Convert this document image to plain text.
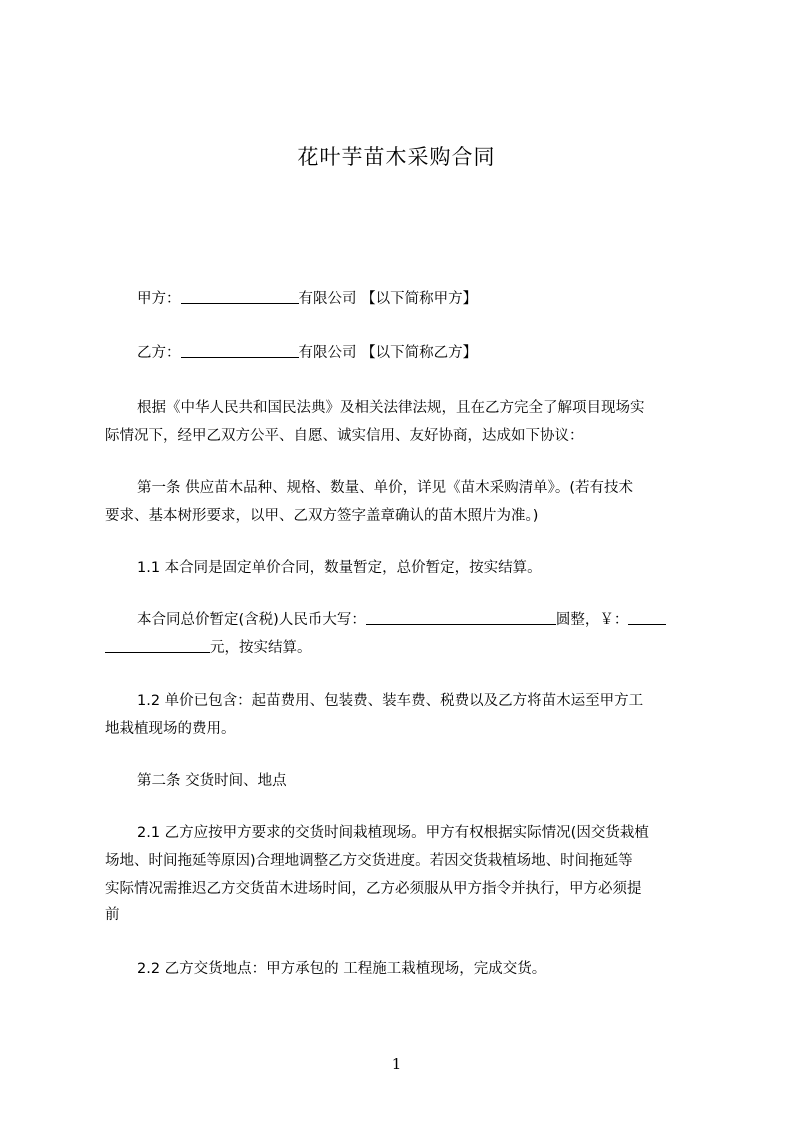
花叶芋苗木采购合同
甲方：	有限公司 【以下简称甲方】
乙方：	有限公司 【以下简称乙方】
根据《中华人民共和国民法典》及相关法律法规，且在乙方完全了解项目现场实
际情况下，经甲乙双方公平、自愿、诚实信用、友好协商，达成如下协议：
第一条 供应苗木品种、规格、数量、单价，详见《苗木采购清单》。(若有技术
要求、基本树形要求，以甲、乙双方签字盖章确认的苗木照片为准。)
1.1 本合同是固定单价合同，数量暂定，总价暂定，按实结算。
本合同总价暂定(含税)人民币大写：	圆整，￥：
元，按实结算。
1.2 单价已包含：起苗费用、包装费、装车费、税费以及乙方将苗木运至甲方工
地栽植现场的费用。
第二条 交货时间、地点
2.1 乙方应按甲方要求的交货时间栽植现场。甲方有权根据实际情况(因交货栽植
场地、时间拖延等原因)合理地调整乙方交货进度。若因交货栽植场地、时间拖延等
实际情况需推迟乙方交货苗木进场时间，乙方必须服从甲方指令并执行，甲方必须提
前
2.2 乙方交货地点：甲方承包的 工程施工栽植现场，完成交货。
1
